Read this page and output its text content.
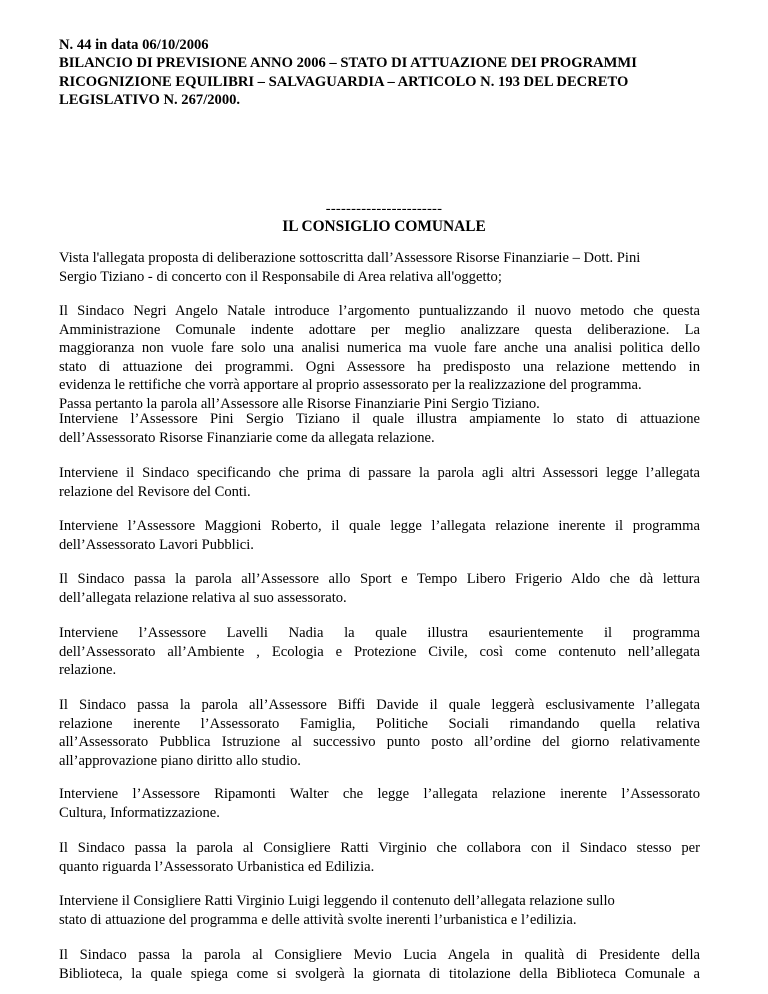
N. 44 in data 06/10/2006
BILANCIO DI PREVISIONE ANNO 2006 – STATO DI ATTUAZIONE DEI PROGRAMMI
RICOGNIZIONE EQUILIBRI – SALVAGUARDIA – ARTICOLO N. 193 DEL DECRETO
LEGISLATIVO N. 267/2000.
-----------------------
IL CONSIGLIO COMUNALE
Vista l'allegata proposta di deliberazione sottoscritta dall’Assessore Risorse Finanziarie – Dott. Pini
Sergio Tiziano - di concerto con il Responsabile di Area relativa all'oggetto;
Il Sindaco Negri Angelo Natale introduce l’argomento puntualizzando il nuovo metodo che questa
Amministrazione Comunale indente adottare per meglio analizzare questa deliberazione. La
maggioranza non vuole fare solo una analisi numerica ma vuole fare anche una analisi politica dello
stato di attuazione dei programmi. Ogni Assessore ha predisposto una relazione mettendo in
evidenza le rettifiche che vorrà apportare al proprio assessorato per la realizzazione del programma.
Passa pertanto la parola all’Assessore alle Risorse Finanziarie Pini Sergio Tiziano.
Interviene l’Assessore Pini Sergio Tiziano il quale illustra ampiamente lo stato di attuazione
dell’Assessorato Risorse Finanziarie come da allegata relazione.
Interviene il Sindaco specificando che prima di passare la parola agli altri Assessori legge l’allegata
relazione del Revisore del Conti.
Interviene l’Assessore Maggioni Roberto, il quale legge l’allegata relazione inerente il programma
dell’Assessorato Lavori Pubblici.
Il Sindaco passa la parola all’Assessore allo Sport e Tempo Libero Frigerio Aldo che dà lettura
dell’allegata relazione relativa al suo assessorato.
Interviene l’Assessore Lavelli Nadia la quale illustra esaurientemente il programma
dell’Assessorato all’Ambiente , Ecologia e Protezione Civile, così come contenuto nell’allegata
relazione.
Il Sindaco passa la parola all’Assessore Biffi Davide il quale leggerà esclusivamente l’allegata
relazione inerente l’Assessorato Famiglia, Politiche Sociali rimandando quella relativa
all’Assessorato Pubblica Istruzione al successivo punto posto all’ordine del giorno relativamente
all’approvazione piano diritto allo studio.
Interviene l’Assessore Ripamonti Walter che legge l’allegata relazione inerente l’Assessorato
Cultura, Informatizzazione.
Il Sindaco passa la parola al Consigliere Ratti Virginio che collabora con il Sindaco stesso per
quanto riguarda l’Assessorato Urbanistica ed Edilizia.
Interviene il Consigliere Ratti Virginio Luigi leggendo il contenuto dell’allegata relazione sullo
stato di attuazione del programma e delle attività svolte inerenti l’urbanistica e l’edilizia.
Il Sindaco passa la parola al Consigliere Mevio Lucia Angela in qualità di Presidente della
Biblioteca, la quale spiega come si svolgerà la giornata di titolazione della Biblioteca Comunale a
